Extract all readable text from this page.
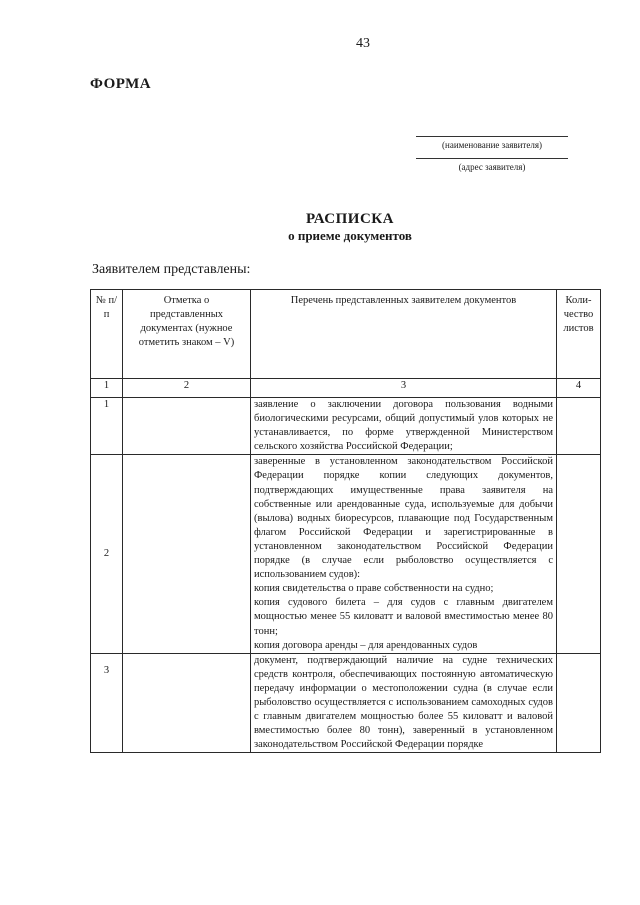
43
ФОРМА
(наименование заявителя)
(адрес заявителя)
РАСПИСКА
о приеме документов
Заявителем представлены:
№ п/п	Отметка о представленных документах (нужное отметить знаком – V)	Перечень представленных заявителем документов	Коли-чество листов
1	2	3	4
1		заявление о заключении договора пользования водными биологическими ресурсами, общий допустимый улов которых не устанавливается, по форме утвержденной Министерством сельского хозяйства Российской Федерации;	
2		заверенные в установленном законодательством Российской Федерации порядке копии следующих документов, подтверждающих имущественные права заявителя на собственные или арендованные суда, используемые для добычи (вылова) водных биоресурсов, плавающие под Государственным флагом Российской Федерации и зарегистрированные в установленном законодательством Российской Федерации порядке (в случае если рыболовство осуществляется с использованием судов):
копия свидетельства о праве собственности на судно;
копия судового билета – для судов с главным двигателем мощностью менее 55 киловатт и валовой вместимостью менее 80 тонн;
копия договора аренды – для арендованных судов	

3		документ, подтверждающий наличие на судне технических средств контроля, обеспечивающих постоянную автоматическую передачу информации о местоположении судна (в случае если рыболовство осуществляется с использованием самоходных судов с главным двигателем мощностью более 55 киловатт и валовой вместимостью более 80 тонн), заверенный в установленном законодательством Российской Федерации порядке	
